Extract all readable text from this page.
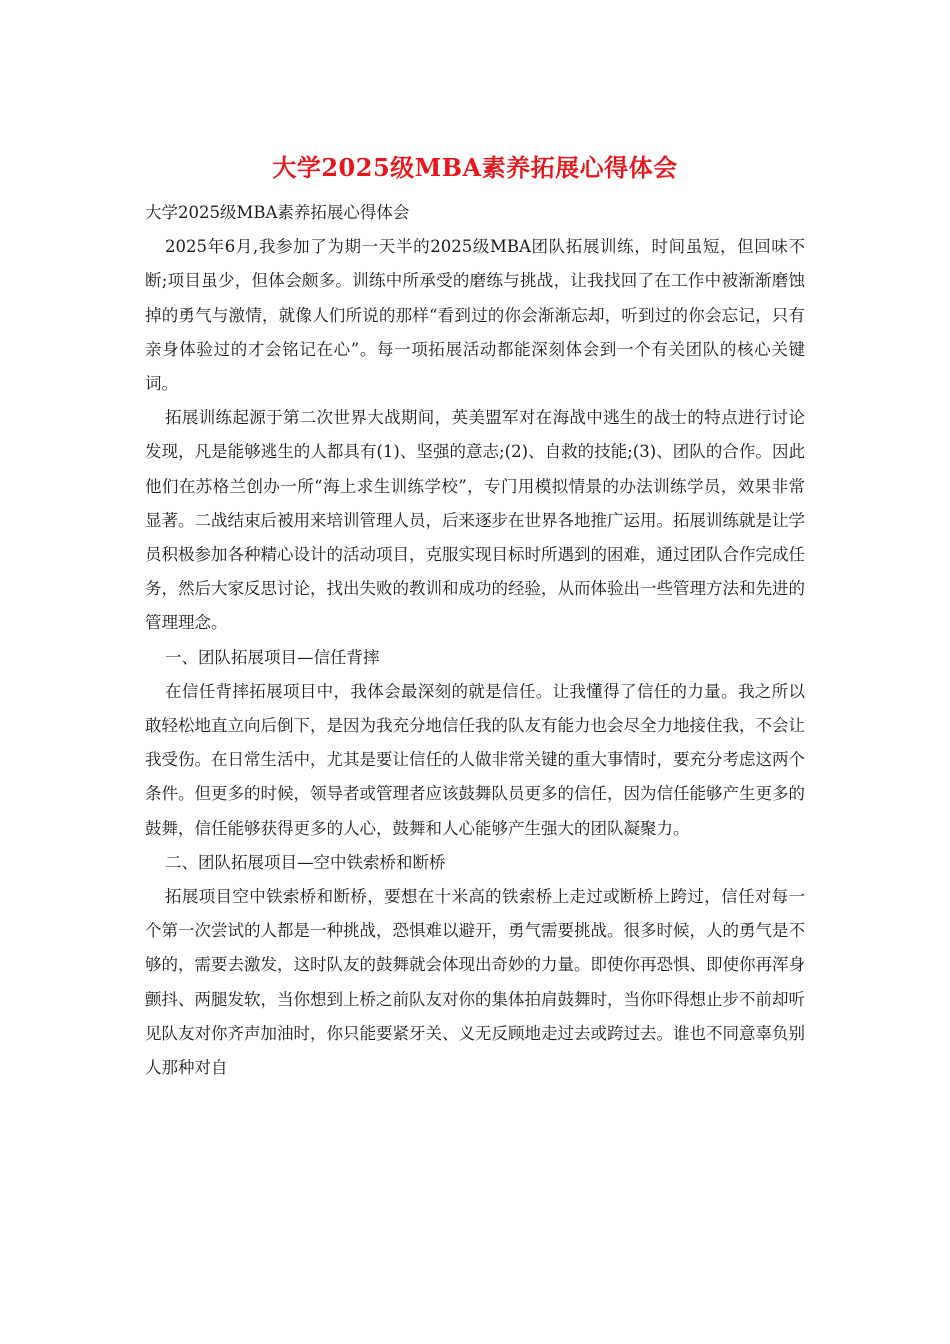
大学2025级MBA素养拓展心得体会

大学2025级MBA素养拓展心得体会

2025年6月,我参加了为期一天半的2025级MBA团队拓展训练，时间虽短，但回味不断;项目虽少，但体会颇多。训练中所承受的磨练与挑战，让我找回了在工作中被渐渐磨蚀掉的勇气与激情，就像人们所说的那样“看到过的你会渐渐忘却，听到过的你会忘记，只有亲身体验过的才会铭记在心”。每一项拓展活动都能深刻体会到一个有关团队的核心关键词。

拓展训练起源于第二次世界大战期间，英美盟军对在海战中逃生的战士的特点进行讨论发现，凡是能够逃生的人都具有(1)、坚强的意志;(2)、自救的技能;(3)、团队的合作。因此他们在苏格兰创办一所“海上求生训练学校”，专门用模拟情景的办法训练学员，效果非常显著。二战结束后被用来培训管理人员，后来逐步在世界各地推广运用。拓展训练就是让学员积极参加各种精心设计的活动项目，克服实现目标时所遇到的困难，通过团队合作完成任务，然后大家反思讨论，找出失败的教训和成功的经验，从而体验出一些管理方法和先进的管理理念。

一、团队拓展项目—信任背摔

在信任背摔拓展项目中，我体会最深刻的就是信任。让我懂得了信任的力量。我之所以敢轻松地直立向后倒下，是因为我充分地信任我的队友有能力也会尽全力地接住我，不会让我受伤。在日常生活中，尤其是要让信任的人做非常关键的重大事情时，要充分考虑这两个条件。但更多的时候，领导者或管理者应该鼓舞队员更多的信任，因为信任能够产生更多的鼓舞，信任能够获得更多的人心，鼓舞和人心能够产生强大的团队凝聚力。

二、团队拓展项目—空中铁索桥和断桥

拓展项目空中铁索桥和断桥，要想在十米高的铁索桥上走过或断桥上跨过，信任对每一个第一次尝试的人都是一种挑战，恐惧难以避开，勇气需要挑战。很多时候，人的勇气是不够的，需要去激发，这时队友的鼓舞就会体现出奇妙的力量。即使你再恐惧、即使你再浑身颤抖、两腿发软，当你想到上桥之前队友对你的集体拍肩鼓舞时，当你吓得想止步不前却听见队友对你齐声加油时，你只能要紧牙关、义无反顾地走过去或跨过去。谁也不同意辜负别人那种对自
